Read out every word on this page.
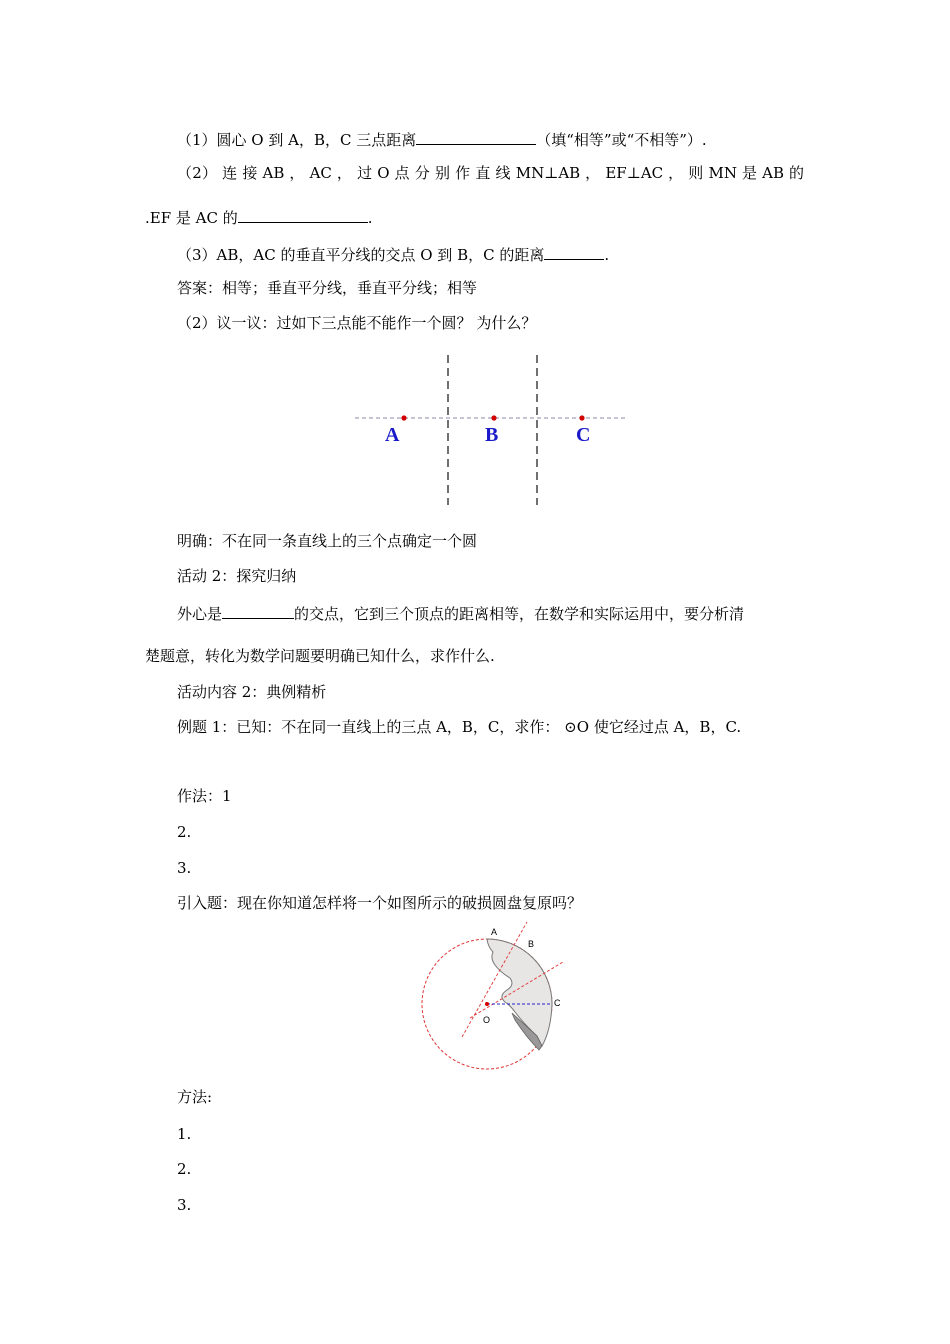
（1）圆心 O 到 A，B，C 三点距离	（填“相等”或“不相等”）.
（2） 连 接 AB ， AC ， 过 O 点 分 别 作 直 线 MN⊥AB ， EF⊥AC ， 则 MN 是 AB 的
.EF 是 AC 的	.
（3）AB，AC 的垂直平分线的交点 O 到 B，C 的距离	.
答案：相等；垂直平分线，垂直平分线；相等
（2）议一议：过如下三点能不能作一个圆？ 为什么？
A	B	C
明确：不在同一条直线上的三个点确定一个圆
活动 2：探究归纳
外心是	的交点，它到三个顶点的距离相等，在数学和实际运用中，要分析清
楚题意，转化为数学问题要明确已知什么，求作什么.
活动内容 2：典例精析
例题 1：已知：不在同一直线上的三点 A，B，C，求作： ⊙O 使它经过点 A，B，C.
作法：1
2.
3.
引入题：现在你知道怎样将一个如图所示的破损圆盘复原吗？
A
B
C
O
方法:
1.
2.
3.
